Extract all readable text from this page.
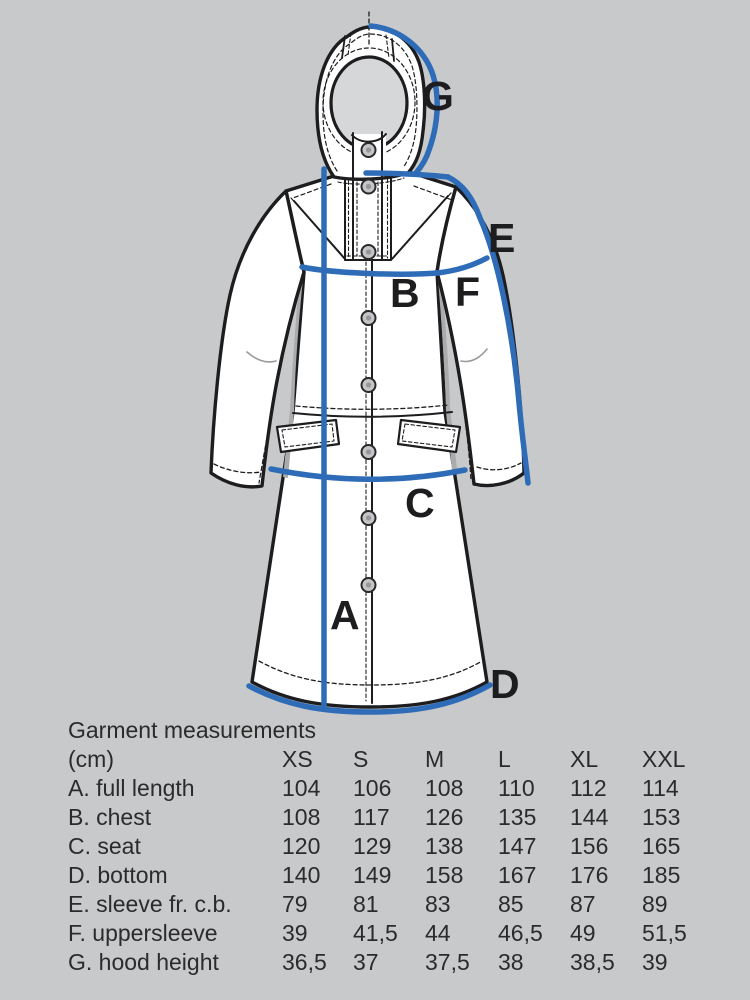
G
E
B F
C
A
D
Garment measurements
(cm)	XS	S	M	L	XL	XXL
A. full length	104	106	108	110	112	114
B. chest	108	117	126	135	144	153
C. seat	120	129	138	147	156	165
D. bottom	140	149	158	167	176	185
E. sleeve fr. c.b.	79	81	83	85	87	89
F. uppersleeve	39	41,5	44	46,5	49	51,5
G. hood height	36,5	37	37,5	38	38,5	39
